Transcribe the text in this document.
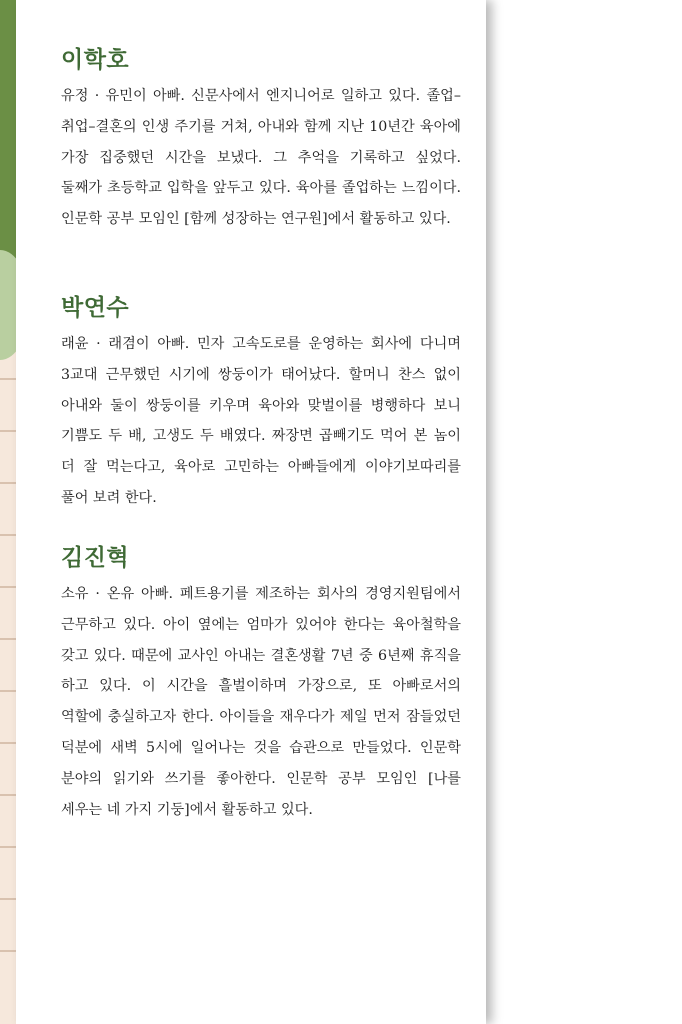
이학호

유정 · 유민이 아빠. 신문사에서 엔지니어로 일하고 있다. 졸업–취업–결혼의 인생 주기를 거쳐, 아내와 함께 지난 10년간 육아에 가장 집중했던 시간을 보냈다. 그 추억을 기록하고 싶었다. 둘째가 초등학교 입학을 앞두고 있다. 육아를 졸업하는 느낌이다. 인문학 공부 모임인 [함께 성장하는 연구원]에서 활동하고 있다.

박연수

래윤 · 래겸이 아빠. 민자 고속도로를 운영하는 회사에 다니며 3교대 근무했던 시기에 쌍둥이가 태어났다. 할머니 찬스 없이 아내와 둘이 쌍둥이를 키우며 육아와 맞벌이를 병행하다 보니 기쁨도 두 배, 고생도 두 배였다. 짜장면 곱빼기도 먹어 본 놈이 더 잘 먹는다고, 육아로 고민하는 아빠들에게 이야기보따리를 풀어 보려 한다.

김진혁

소유 · 온유 아빠. 페트용기를 제조하는 회사의 경영지원팀에서 근무하고 있다. 아이 옆에는 엄마가 있어야 한다는 육아철학을 갖고 있다. 때문에 교사인 아내는 결혼생활 7년 중 6년째 휴직을 하고 있다. 이 시간을 흘벌이하며 가장으로, 또 아빠로서의 역할에 충실하고자 한다. 아이들을 재우다가 제일 먼저 잠들었던 덕분에 새벽 5시에 일어나는 것을 습관으로 만들었다. 인문학 분야의 읽기와 쓰기를 좋아한다. 인문학 공부 모임인 [나를 세우는 네 가지 기둥]에서 활동하고 있다.
